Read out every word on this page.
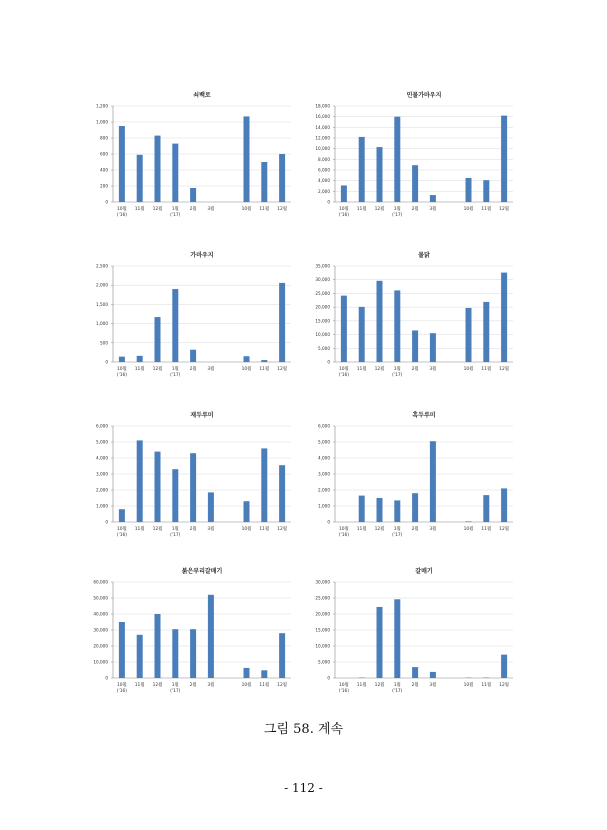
쇠백로
0
200
400
600
800
1,000
1,200
10월
('16)
11월 12월 1월
('17)
2월 3월	10월 11월 12월
민물가마우지
0
2,000
4,000
6,000
8,000
10,000
12,000
14,000
16,000
18,000
10월
('16)
11월 12월 1월
('17)
2월 3월	10월 11월 12월
가마우지
0
500
1,000
1,500
2,000
2,500
10월
('16)
11월 12월 1월
('17)
2월 3월	10월 11월 12월
물닭
0
5,000
10,000
15,000
20,000
25,000
30,000
35,000
10월
('16)
11월 12월 1월
('17)
2월 3월	10월 11월 12월
재두루미
0
1,000
2,000
3,000
4,000
5,000
6,000
10월
('16)
11월 12월 1월
('17)
2월 3월	10월 11월 12월
흑두루미
0
1,000
2,000
3,000
4,000
5,000
6,000
10월
('16)
11월 12월 1월
('17)
2월 3월	10월 11월 12월
붉은부리갈매기
0
10,000
20,000
30,000
40,000
50,000
60,000
10월
('16)
11월 12월 1월
('17)
2월 3월	10월 11월 12월
갈매기
0
5,000
10,000
15,000
20,000
25,000
30,000
10월
('16)
11월 12월 1월
('17)
2월 3월	10월 11월 12월
그림 58. 계속
- 112 -
